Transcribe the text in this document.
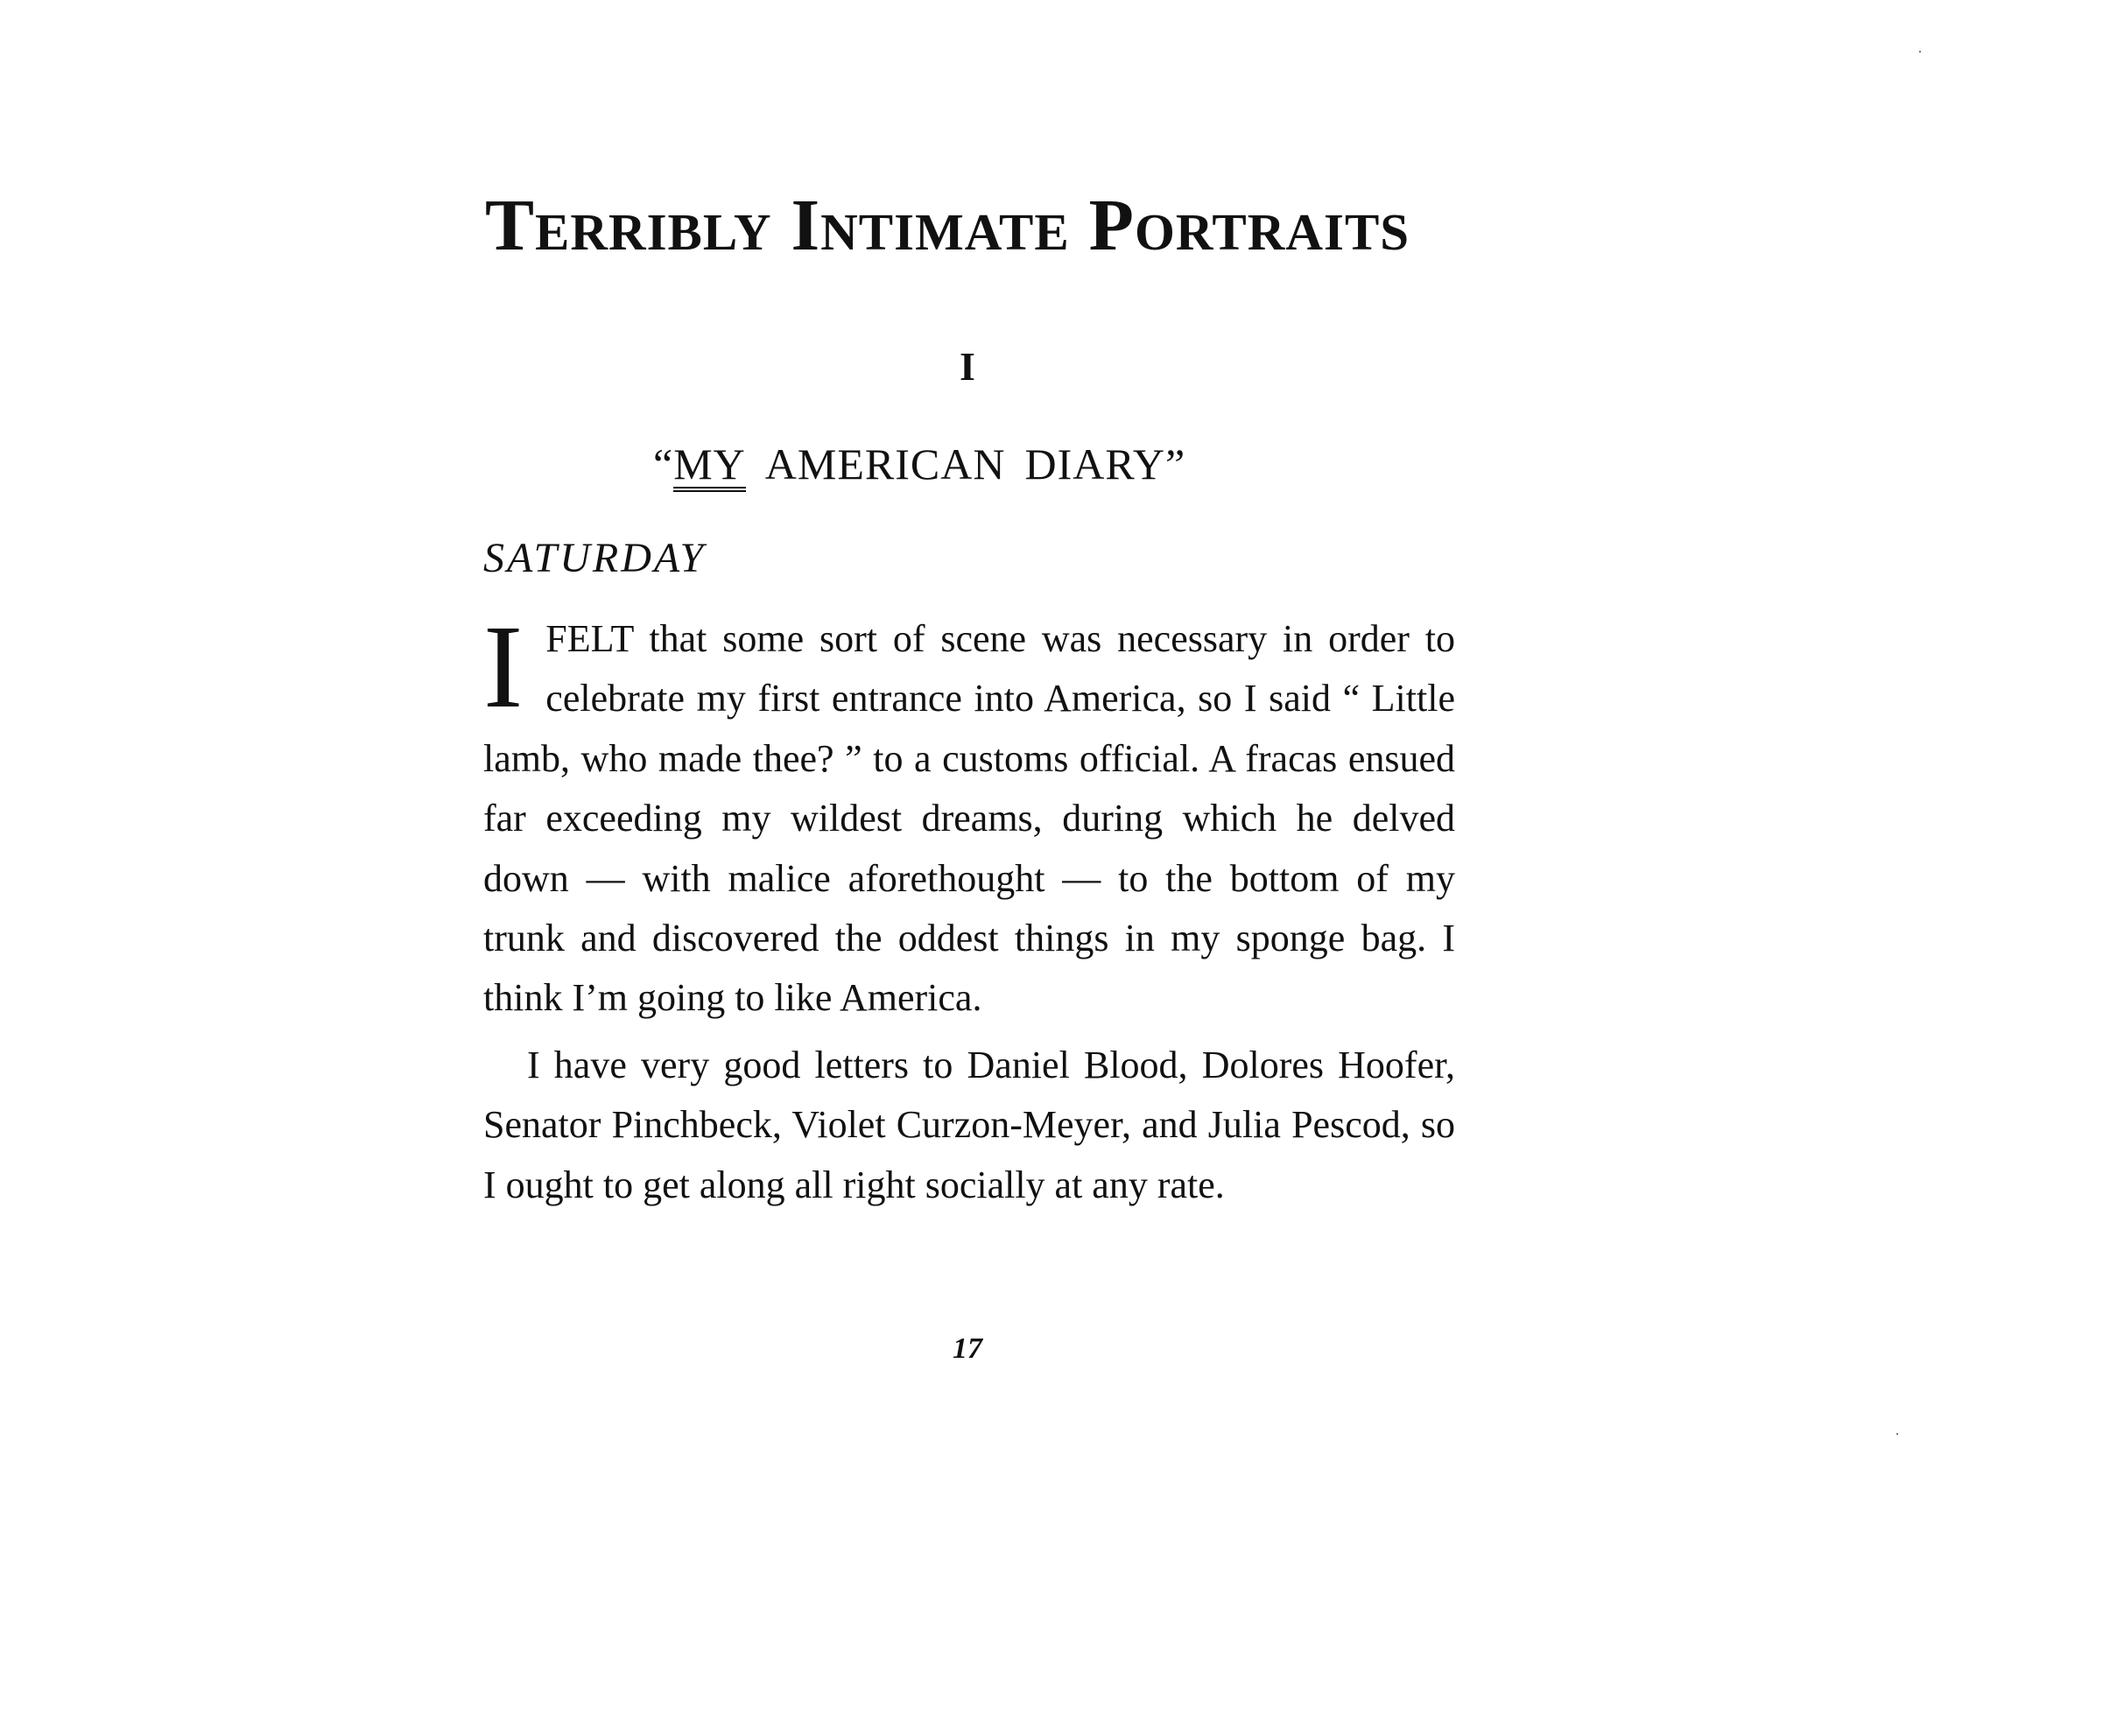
Terribly Intimate Portraits
I
“MY AMERICAN DIARY”
SATURDAY

IFELT that some sort of scene was necessary in order to celebrate my first entrance into America, so I said “ Little lamb, who made thee? ” to a customs official. A fracas ensued far exceeding my wildest dreams, during which he delved down — with malice aforethought — to the bottom of my trunk and discovered the oddest things in my sponge bag. I think I’m going to like America.

I have very good letters to Daniel Blood, Dolores Hoofer, Senator Pinchbeck, Violet Curzon-Meyer, and Julia Pescod, so I ought to get along all right socially at any rate.

17
